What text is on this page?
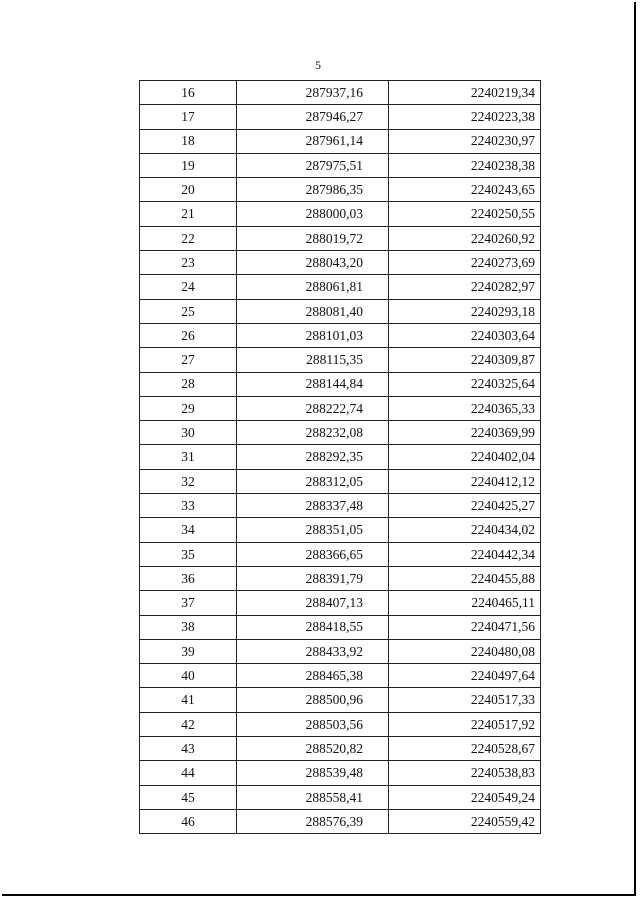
5
16	287937,16	2240219,34
17	287946,27	2240223,38
18	287961,14	2240230,97
19	287975,51	2240238,38
20	287986,35	2240243,65
21	288000,03	2240250,55
22	288019,72	2240260,92
23	288043,20	2240273,69
24	288061,81	2240282,97
25	288081,40	2240293,18
26	288101,03	2240303,64
27	288115,35	2240309,87
28	288144,84	2240325,64
29	288222,74	2240365,33
30	288232,08	2240369,99
31	288292,35	2240402,04
32	288312,05	2240412,12
33	288337,48	2240425,27
34	288351,05	2240434,02
35	288366,65	2240442,34
36	288391,79	2240455,88
37	288407,13	2240465,11
38	288418,55	2240471,56
39	288433,92	2240480,08
40	288465,38	2240497,64
41	288500,96	2240517,33
42	288503,56	2240517,92
43	288520,82	2240528,67
44	288539,48	2240538,83
45	288558,41	2240549,24
46	288576,39	2240559,42
